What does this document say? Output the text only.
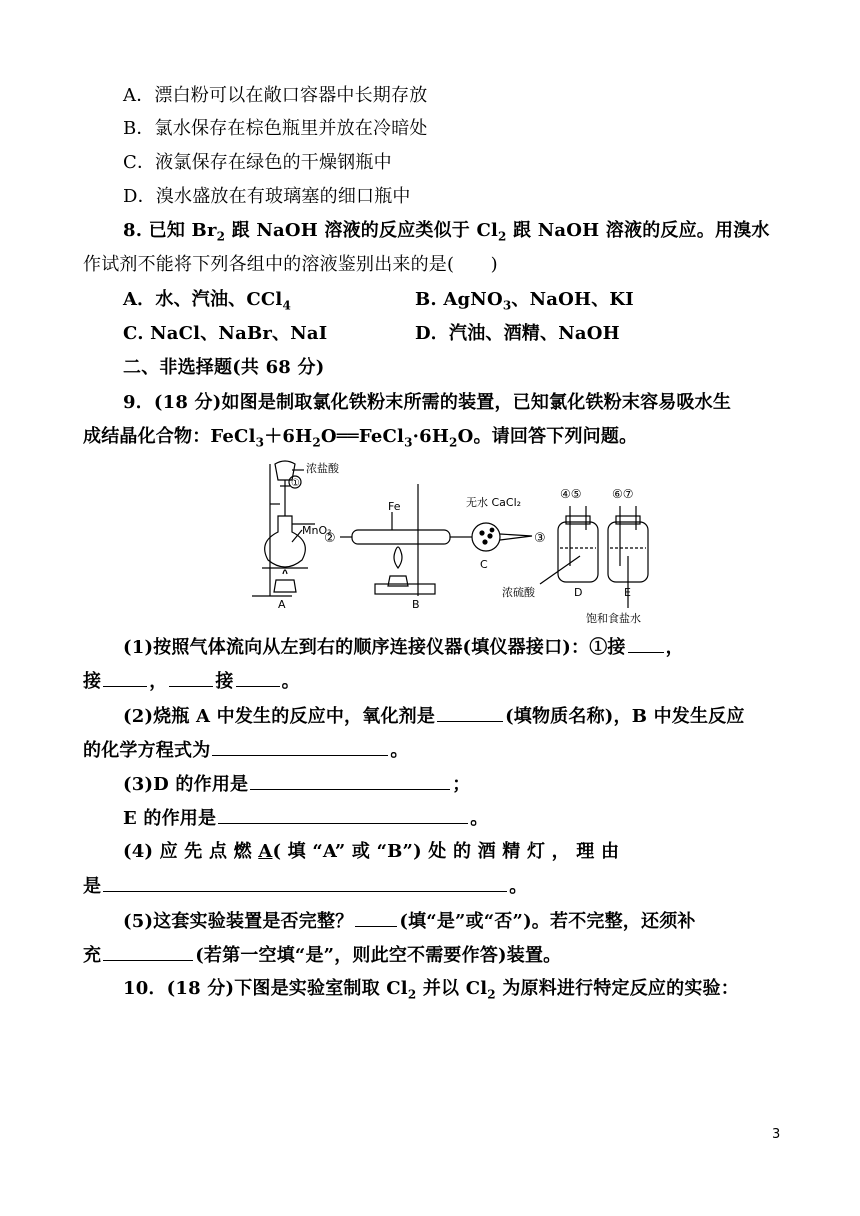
A．漂白粉可以在敞口容器中长期存放
B．氯水保存在棕色瓶里并放在冷暗处
C．液氯保存在绿色的干燥钢瓶中
D．溴水盛放在有玻璃塞的细口瓶中
8. 已知 $Br_2$ 跟 NaOH 溶液的反应类似于 $Cl_2$ 跟 NaOH 溶液的反应。用溴水
作试剂不能将下列各组中的溶液鉴别出来的是(　　)
A．水、汽油、CCl$_4$	B. AgNO$_3$、NaOH、KI
C. NaCl、NaBr、NaI	D．汽油、酒精、NaOH
二、非选择题(共 68 分)
9．(18 分)如图是制取氯化铁粉末所需的装置，已知氯化铁粉末容易吸水生
成结晶化合物：$FeCl_3+6H_2O══FeCl_3\cdot 6H_2O$。请回答下列问题。
浓盐酸
MnO₂
Fe	无水 CaCl₂
浓硫酸
饱和食盐水
A	B
C
D	E
①
②	③
④⑤	⑥⑦
(1)按照气体流向从左到右的顺序连接仪器(填仪器接口)：①接 ，
接	，	接	。
(2)烧瓶 A 中发生的反应中，氧化剂是	(填物质名称)，B 中发生反应
的化学方程式为	。
(3)D 的作用是	；
E 的作用是	。
(4) 应 先 点 燃 A( 填 “A” 或 “B”) 处 的 酒 精 灯 ， 理 由
是	。
(5)这套实验装置是否完整？	(填“是”或“否”)。若不完整，还须补
充	(若第一空填“是”，则此空不需要作答)装置。
10．(18 分)下图是实验室制取 $Cl_2$ 并以 $Cl_2$ 为原料进行特定反应的实验：
3
